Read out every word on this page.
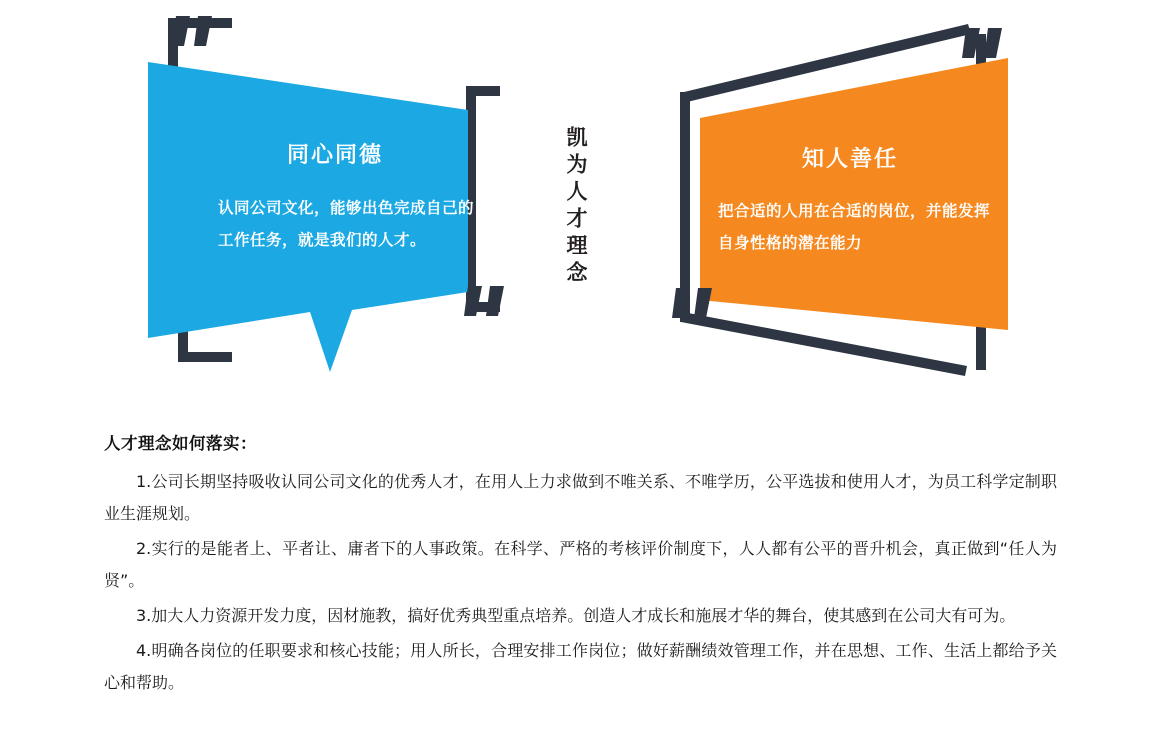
同心同德
认同公司文化，能够出色完成自己的工作任务，就是我们的人才。	凯为人才理念	知人善任
把合适的人用在合适的岗位，并能发挥自身性格的潜在能力
人才理念如何落实：

1.公司长期坚持吸收认同公司文化的优秀人才，在用人上力求做到不唯关系、不唯学历，公平选拔和使用人才，为员工科学定制职业生涯规划。

2.实行的是能者上、平者让、庸者下的人事政策。在科学、严格的考核评价制度下，人人都有公平的晋升机会，真正做到“任人为贤”。

3.加大人力资源开发力度，因材施教，搞好优秀典型重点培养。创造人才成长和施展才华的舞台，使其感到在公司大有可为。

4.明确各岗位的任职要求和核心技能；用人所长，合理安排工作岗位；做好薪酬绩效管理工作，并在思想、工作、生活上都给予关心和帮助。
